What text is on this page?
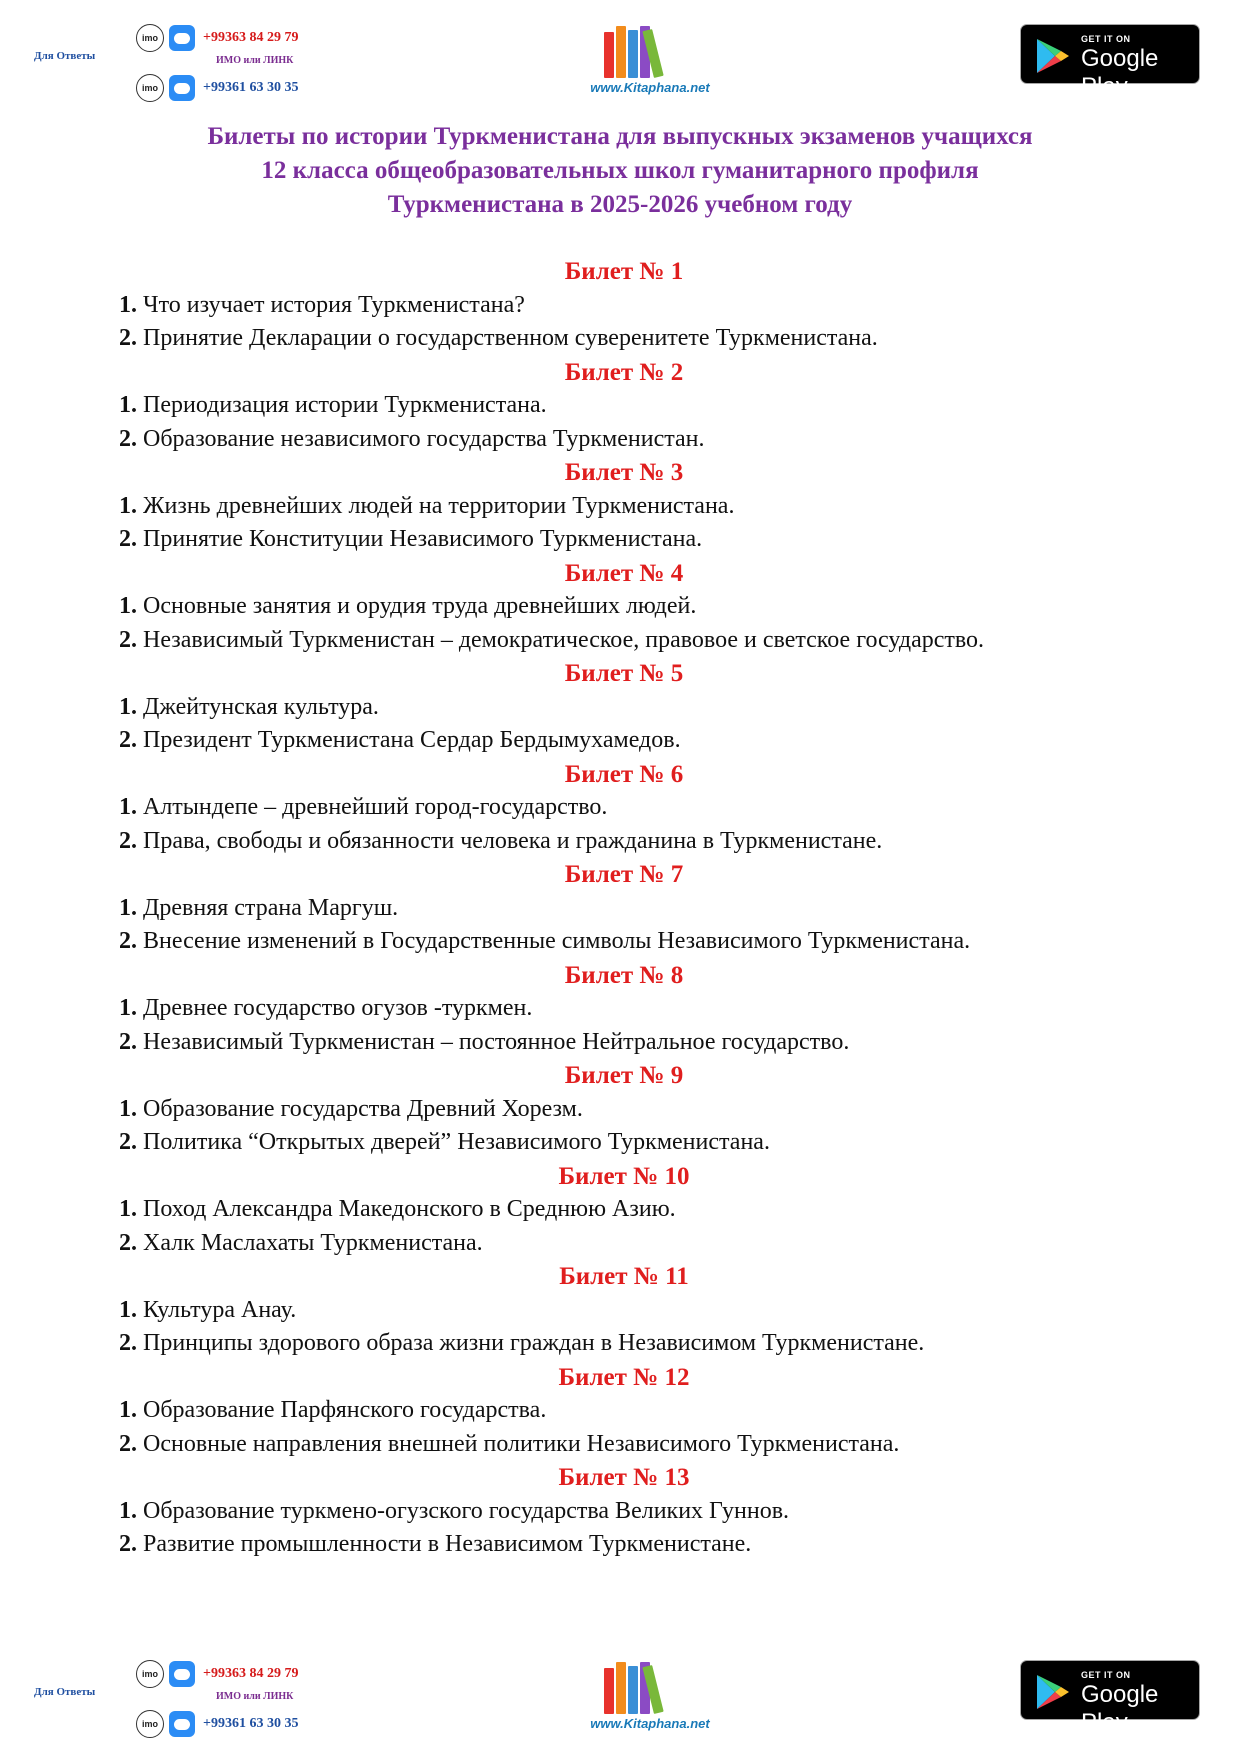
Для Ответы
imo	+99363 84 29 79
ИМО или ЛИНК
imo	+99361 63 30 35	www.Kitaphana.net
GET IT ON
Google Play
Билеты по истории Туркменистана для выпускных экзаменов учащихся
12 класса общеобразовательных школ гуманитарного профиля
Туркменистана в 2025-2026 учебном году
Билет № 1
1. Что изучает история Туркменистана?
2. Принятие Декларации о государственном суверенитете Туркменистана.
Билет № 2
1. Периодизация истории Туркменистана.
2. Образование независимого государства Туркменистан.
Билет № 3
1. Жизнь древнейших людей на территории Туркменистана.
2. Принятие Конституции Независимого Туркменистана.
Билет № 4
1. Основные занятия и орудия труда древнейших людей.
2. Независимый Туркменистан – демократическое, правовое и светское государство.
Билет № 5
1. Джейтунская культура.
2. Президент Туркменистана Сердар Бердымухамедов.
Билет № 6
1. Алтындепе – древнейший город-государство.
2. Права, свободы и обязанности человека и гражданина в Туркменистане.
Билет № 7
1. Древняя страна Маргуш.
2. Внесение изменений в Государственные символы Независимого Туркменистана.
Билет № 8
1. Древнее государство огузов -туркмен.
2. Независимый Туркменистан – постоянное Нейтральное государство.
Билет № 9
1. Образование государства Древний Хорезм.
2. Политика “Открытых дверей” Независимого Туркменистана.
Билет № 10
1. Поход Александра Македонского в Среднюю Азию.
2. Халк Маслахаты Туркменистана.
Билет № 11
1. Культура Анау.
2. Принципы здорового образа жизни граждан в Независимом Туркменистане.
Билет № 12
1. Образование Парфянского государства.
2. Основные направления внешней политики Независимого Туркменистана.
Билет № 13
1. Образование туркмено-огузского государства Великих Гуннов.
2. Развитие промышленности в Независимом Туркменистане.
Для Ответы
imo	+99363 84 29 79
ИМО или ЛИНК
imo	+99361 63 30 35	www.Kitaphana.net
GET IT ON
Google Play
